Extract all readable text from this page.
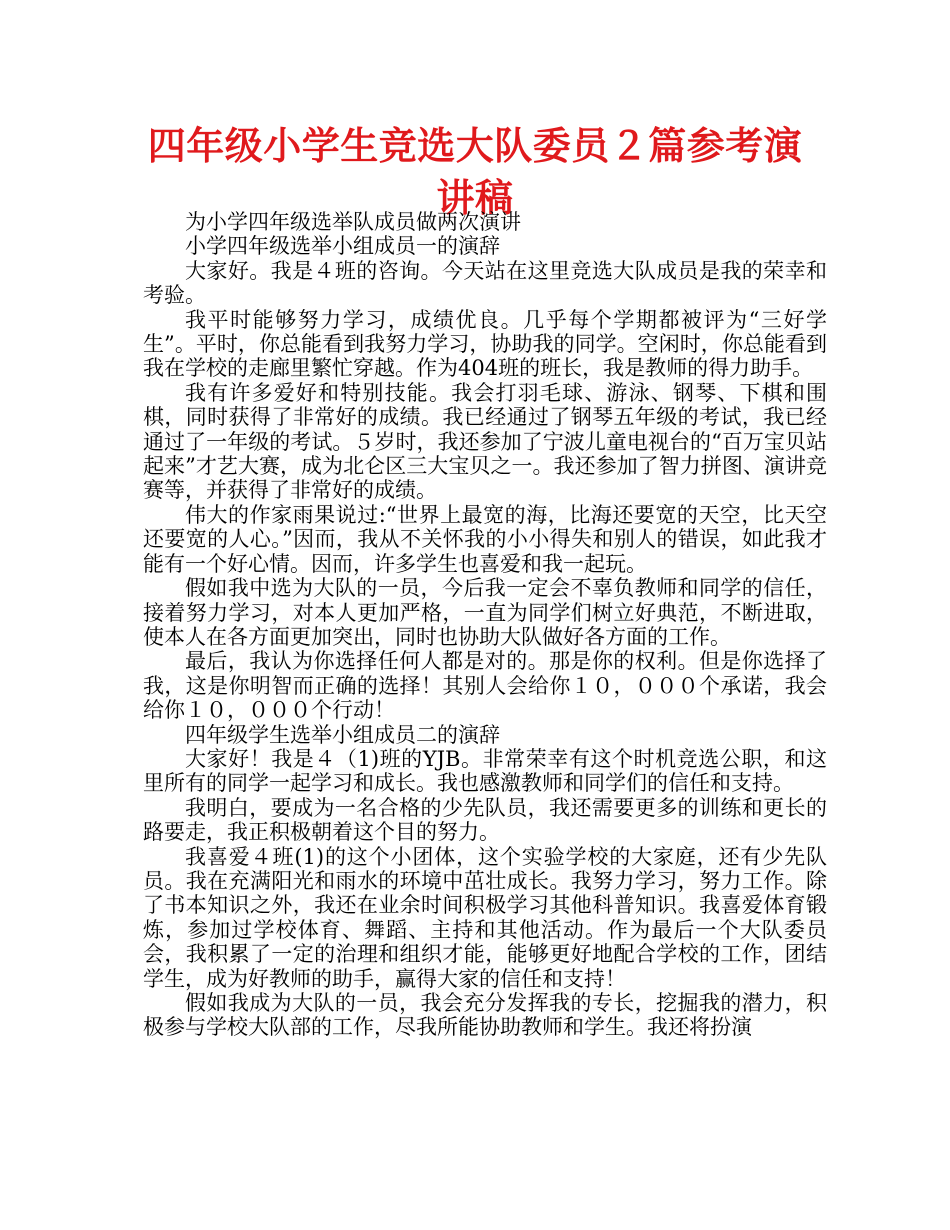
四年级小学生竞选大队委员２篇参考演讲稿

为小学四年级选举队成员做两次演讲

小学四年级选举小组成员一的演辞

大家好。我是４班的咨询。今天站在这里竞选大队成员是我的荣幸和考验。

我平时能够努力学习，成绩优良。几乎每个学期都被评为“三好学生”。平时，你总能看到我努力学习，协助我的同学。空闲时，你总能看到我在学校的走廊里繁忙穿越。作为404班的班长，我是教师的得力助手。

我有许多爱好和特别技能。我会打羽毛球、游泳、钢琴、下棋和围棋，同时获得了非常好的成绩。我已经通过了钢琴五年级的考试，我已经通过了一年级的考试。５岁时，我还参加了宁波儿童电视台的“百万宝贝站起来”才艺大赛，成为北仑区三大宝贝之一。我还参加了智力拼图、演讲竞赛等，并获得了非常好的成绩。

伟大的作家雨果说过:“世界上最宽的海，比海还要宽的天空，比天空还要宽的人心。”因而，我从不关怀我的小小得失和别人的错误，如此我才能有一个好心情。因而，许多学生也喜爱和我一起玩。

假如我中选为大队的一员，今后我一定会不辜负教师和同学的信任，接着努力学习，对本人更加严格，一直为同学们树立好典范，不断进取，使本人在各方面更加突出，同时也协助大队做好各方面的工作。

最后，我认为你选择任何人都是对的。那是你的权利。但是你选择了我，这是你明智而正确的选择！其别人会给你１０，０００个承诺，我会给你１０，０００个行动！

四年级学生选举小组成员二的演辞

大家好！我是４（1)班的YJB。非常荣幸有这个时机竞选公职，和这里所有的同学一起学习和成长。我也感激教师和同学们的信任和支持。

我明白，要成为一名合格的少先队员，我还需要更多的训练和更长的路要走，我正积极朝着这个目的努力。

我喜爱４班(1)的这个小团体，这个实验学校的大家庭，还有少先队员。我在充满阳光和雨水的环境中茁壮成长。我努力学习，努力工作。除了书本知识之外，我还在业余时间积极学习其他科普知识。我喜爱体育锻炼，参加过学校体育、舞蹈、主持和其他活动。作为最后一个大队委员会，我积累了一定的治理和组织才能，能够更好地配合学校的工作，团结学生，成为好教师的助手，赢得大家的信任和支持！

假如我成为大队的一员，我会充分发挥我的专长，挖掘我的潜力，积极参与学校大队部的工作，尽我所能协助教师和学生。我还将扮演
